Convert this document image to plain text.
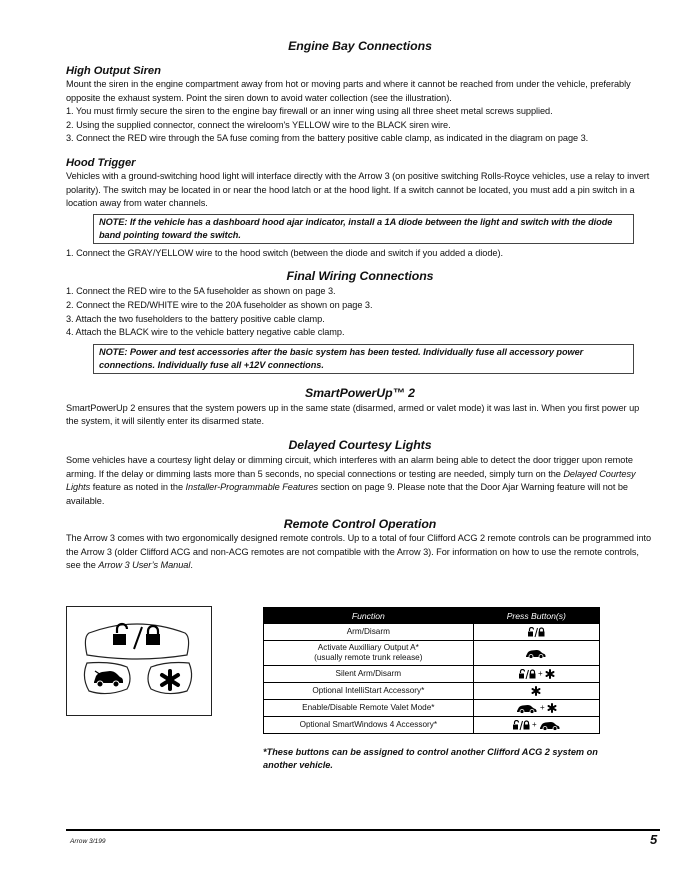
Engine Bay Connections
High Output Siren

Mount the siren in the engine compartment away from hot or moving parts and where it cannot be reached from under the vehicle, preferably opposite the exhaust system. Point the siren down to avoid water collection (see the illustration).

1. You must firmly secure the siren to the engine bay firewall or an inner wing using all three sheet metal screws supplied.

2. Using the supplied connector, connect the wireloom's YELLOW wire to the BLACK siren wire.

3. Connect the RED wire through the 5A fuse coming from the battery positive cable clamp, as indicated in the diagram on page 3.

Hood Trigger

Vehicles with a ground-switching hood light will interface directly with the Arrow 3 (on positive switching Rolls-Royce vehicles, use a relay to invert polarity). The switch may be located in or near the hood latch or at the hood light. If a switch cannot be located, you must add a pin switch in a location away from water channels.

NOTE: If the vehicle has a dashboard hood ajar indicator, install a 1A diode between the light and switch with the diode band pointing toward the switch.

1. Connect the GRAY/YELLOW wire to the hood switch (between the diode and switch if you added a diode).

Final Wiring Connections

1. Connect the RED wire to the 5A fuseholder as shown on page 3.

2. Connect the RED/WHITE wire to the 20A fuseholder as shown on page 3.

3. Attach the two fuseholders to the battery positive cable clamp.

4. Attach the BLACK wire to the vehicle battery negative cable clamp.

NOTE: Power and test accessories after the basic system has been tested. Individually fuse all accessory power connections. Individually fuse all +12V connections.
SmartPowerUp™ 2

SmartPowerUp 2 ensures that the system powers up in the same state (disarmed, armed or valet mode) it was last in. When you first power up the system, it will silently enter its disarmed state.

Delayed Courtesy Lights

Some vehicles have a courtesy light delay or dimming circuit, which interferes with an alarm being able to detect the door trigger upon remote arming. If the delay or dimming lasts more than 5 seconds, no special connections or testing are needed, simply turn on the Delayed Courtesy Lights feature as noted in the Installer-Programmable Features section on page 9. Please note that the Door Ajar Warning feature will not be available.

Remote Control Operation

The Arrow 3 comes with two ergonomically designed remote controls. Up to a total of four Clifford ACG 2 remote controls can be programmed into the Arrow 3 (older Clifford ACG and non-ACG remotes are not compatible with the Arrow 3). For information on how to use the remote controls, see the Arrow 3 User’s Manual.

Function	Press Button(s)
Arm/Disarm	
Activate Auxilliary Output A*
(usually remote trunk release)	
Silent Arm/Disarm	+
Optional IntelliStart Accessory*	
Enable/Disable Remote Valet Mode*	+
Optional SmartWindows 4 Accessory*	+

*These buttons can be assigned to control another Clifford ACG 2 system on another vehicle.

Arrow 3/199	5
